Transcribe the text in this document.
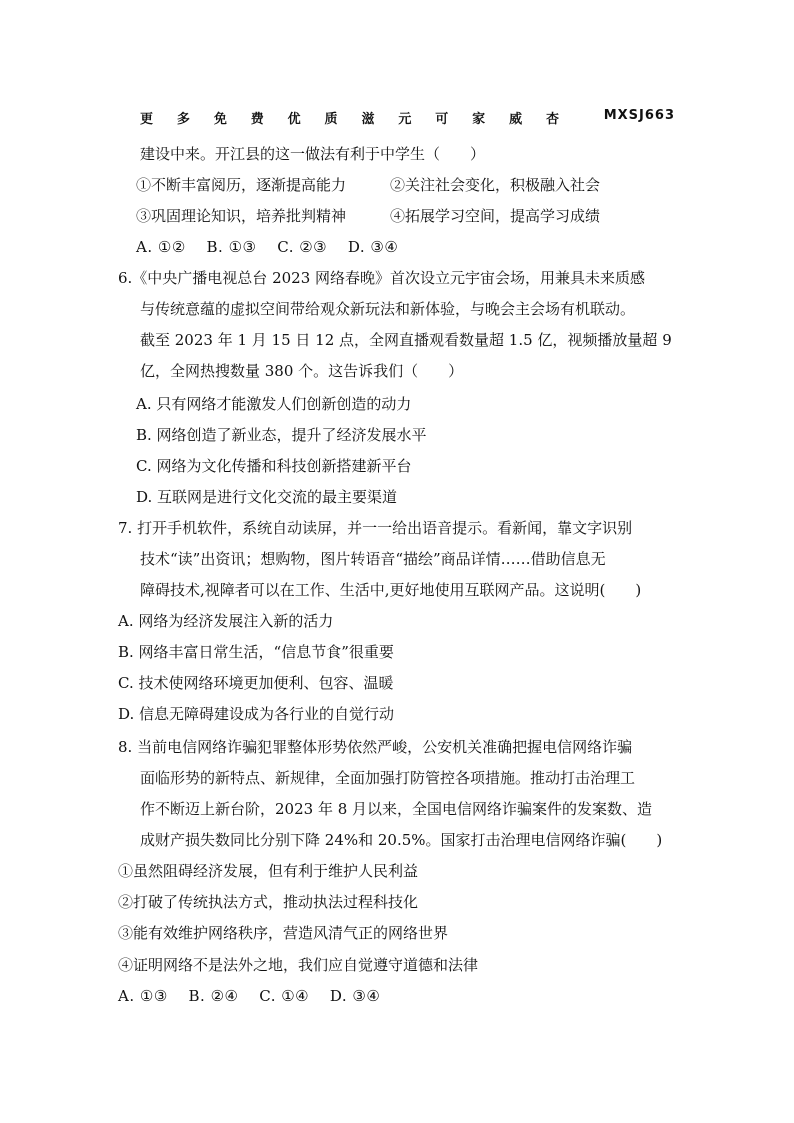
更 多 免 费 优 质 滋 元 可 家 威 杏	MXSJ663
建设中来。开江县的这一做法有利于中学生（　　）
①不断丰富阅历，逐渐提高能力	②关注社会变化，积极融入社会
③巩固理论知识，培养批判精神	④拓展学习空间，提高学习成绩
A. ①②　 B. ①③　 C. ②③　 D. ③④
6.《中央广播电视总台 2023 网络春晚》首次设立元宇宙会场，用兼具未来质感
与传统意蕴的虚拟空间带给观众新玩法和新体验，与晚会主会场有机联动。
截至 2023 年 1 月 15 日 12 点，全网直播观看数量超 1.5 亿，视频播放量超 9
亿，全网热搜数量 380 个。这告诉我们（　　）
A. 只有网络才能激发人们创新创造的动力
B. 网络创造了新业态，提升了经济发展水平
C. 网络为文化传播和科技创新搭建新平台
D. 互联网是进行文化交流的最主要渠道
7. 打开手机软件，系统自动读屏，并一一给出语音提示。看新闻，靠文字识别
技术“读”出资讯；想购物，图片转语音“描绘”商品详情……借助信息无
障碍技术,视障者可以在工作、生活中,更好地使用互联网产品。这说明(　　)
A. 网络为经济发展注入新的活力
B. 网络丰富日常生活，“信息节食”很重要
C. 技术使网络环境更加便利、包容、温暖
D. 信息无障碍建设成为各行业的自觉行动
8. 当前电信网络诈骗犯罪整体形势依然严峻，公安机关准确把握电信网络诈骗
面临形势的新特点、新规律，全面加强打防管控各项措施。推动打击治理工
作不断迈上新台阶，2023 年 8 月以来，全国电信网络诈骗案件的发案数、造
成财产损失数同比分别下降 24%和 20.5%。国家打击治理电信网络诈骗(　　)
①虽然阻碍经济发展，但有利于维护人民利益
②打破了传统执法方式，推动执法过程科技化
③能有效维护网络秩序，营造风清气正的网络世界
④证明网络不是法外之地，我们应自觉遵守道德和法律
A. ①③　 B. ②④　 C. ①④　 D. ③④
